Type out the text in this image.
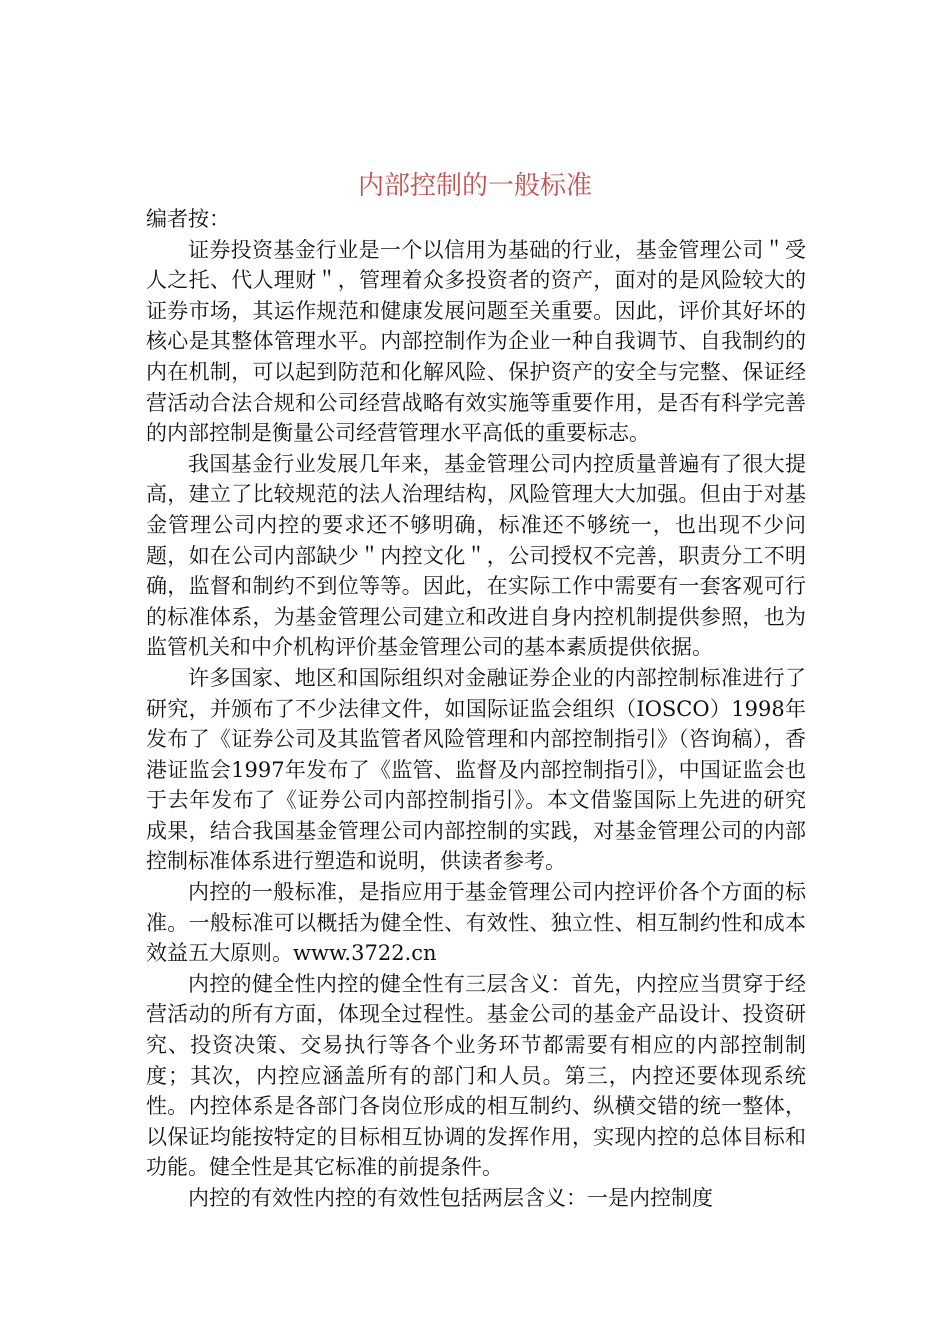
内部控制的一般标准

编者按：

证券投资基金行业是一个以信用为基础的行业，基金管理公司＂受人之托、代人理财＂，管理着众多投资者的资产，面对的是风险较大的证券市场，其运作规范和健康发展问题至关重要。因此，评价其好坏的核心是其整体管理水平。内部控制作为企业一种自我调节、自我制约的内在机制，可以起到防范和化解风险、保护资产的安全与完整、保证经营活动合法合规和公司经营战略有效实施等重要作用，是否有科学完善的内部控制是衡量公司经营管理水平高低的重要标志。

我国基金行业发展几年来，基金管理公司内控质量普遍有了很大提高，建立了比较规范的法人治理结构，风险管理大大加强。但由于对基金管理公司内控的要求还不够明确，标准还不够统一，也出现不少问题，如在公司内部缺少＂内控文化＂，公司授权不完善，职责分工不明确，监督和制约不到位等等。因此，在实际工作中需要有一套客观可行的标准体系，为基金管理公司建立和改进自身内控机制提供参照，也为监管机关和中介机构评价基金管理公司的基本素质提供依据。

许多国家、地区和国际组织对金融证券企业的内部控制标准进行了研究，并颁布了不少法律文件，如国际证监会组织（IOSCO）1998年发布了《证券公司及其监管者风险管理和内部控制指引》（咨询稿），香港证监会1997年发布了《监管、监督及内部控制指引》，中国证监会也于去年发布了《证券公司内部控制指引》。本文借鉴国际上先进的研究成果，结合我国基金管理公司内部控制的实践，对基金管理公司的内部控制标准体系进行塑造和说明，供读者参考。

内控的一般标准，是指应用于基金管理公司内控评价各个方面的标准。一般标准可以概括为健全性、有效性、独立性、相互制约性和成本效益五大原则。www.3722.cn

内控的健全性内控的健全性有三层含义：首先，内控应当贯穿于经营活动的所有方面，体现全过程性。基金公司的基金产品设计、投资研究、投资决策、交易执行等各个业务环节都需要有相应的内部控制制度；其次，内控应涵盖所有的部门和人员。第三，内控还要体现系统性。内控体系是各部门各岗位形成的相互制约、纵横交错的统一整体，以保证均能按特定的目标相互协调的发挥作用，实现内控的总体目标和功能。健全性是其它标准的前提条件。

内控的有效性内控的有效性包括两层含义：一是内控制度
